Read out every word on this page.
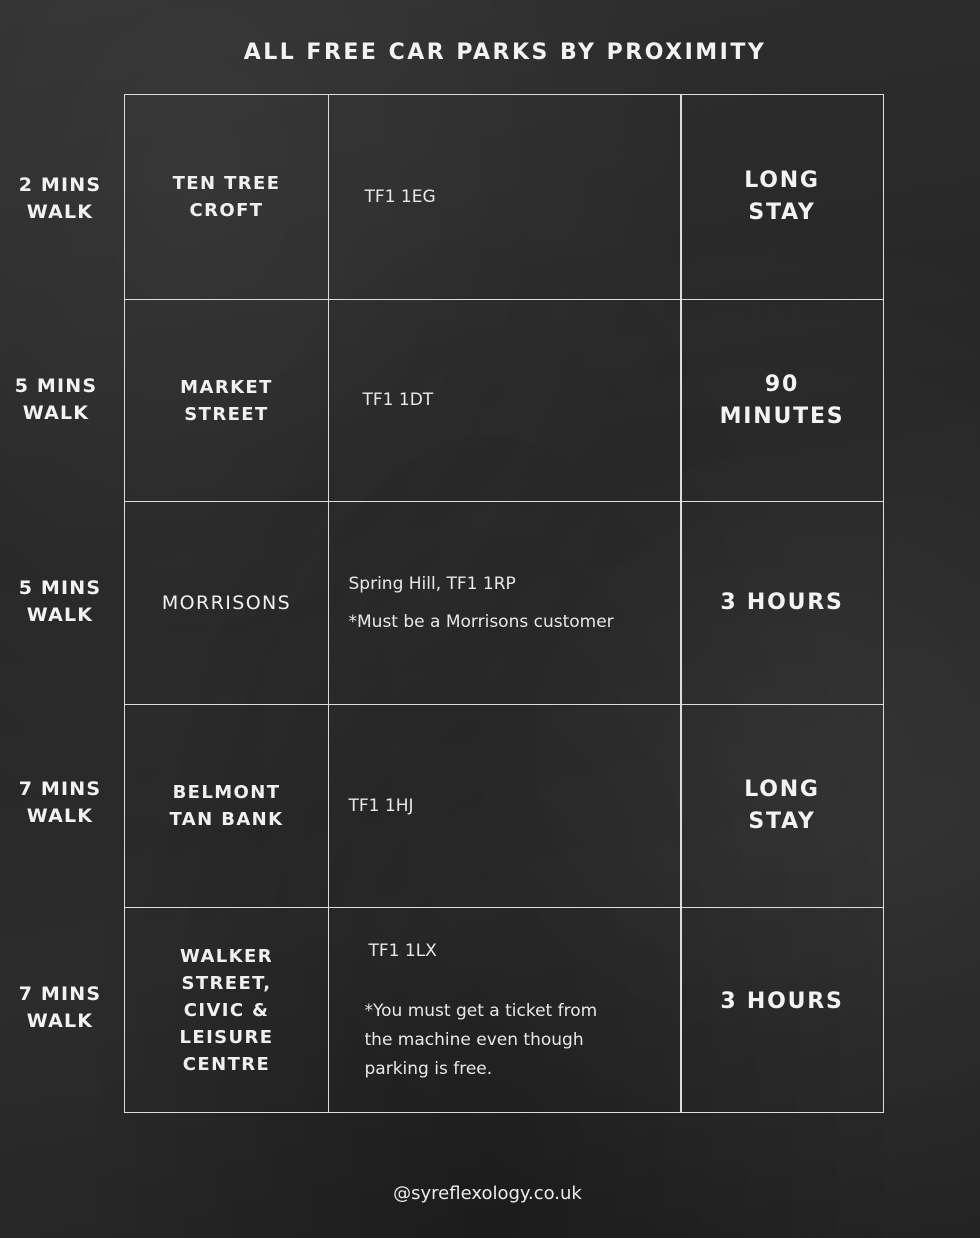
ALL FREE CAR PARKS BY PROXIMITY
2 MINS
WALK
5 MINS
WALK
5 MINS
WALK
7 MINS
WALK
7 MINS
WALK
TEN TREE
CROFT
TF1 1EG
LONG
STAY
MARKET
STREET
TF1 1DT
90
MINUTES
MORRISONS
Spring Hill, TF1 1RP
*Must be a Morrisons customer
3 HOURS
BELMONT
TAN BANK
TF1 1HJ
LONG
STAY
WALKER
STREET,
CIVIC &
LEISURE
CENTRE
TF1 1LX
*You must get a ticket from
the machine even though
parking is free.
3 HOURS
@syreflexology.co.uk
